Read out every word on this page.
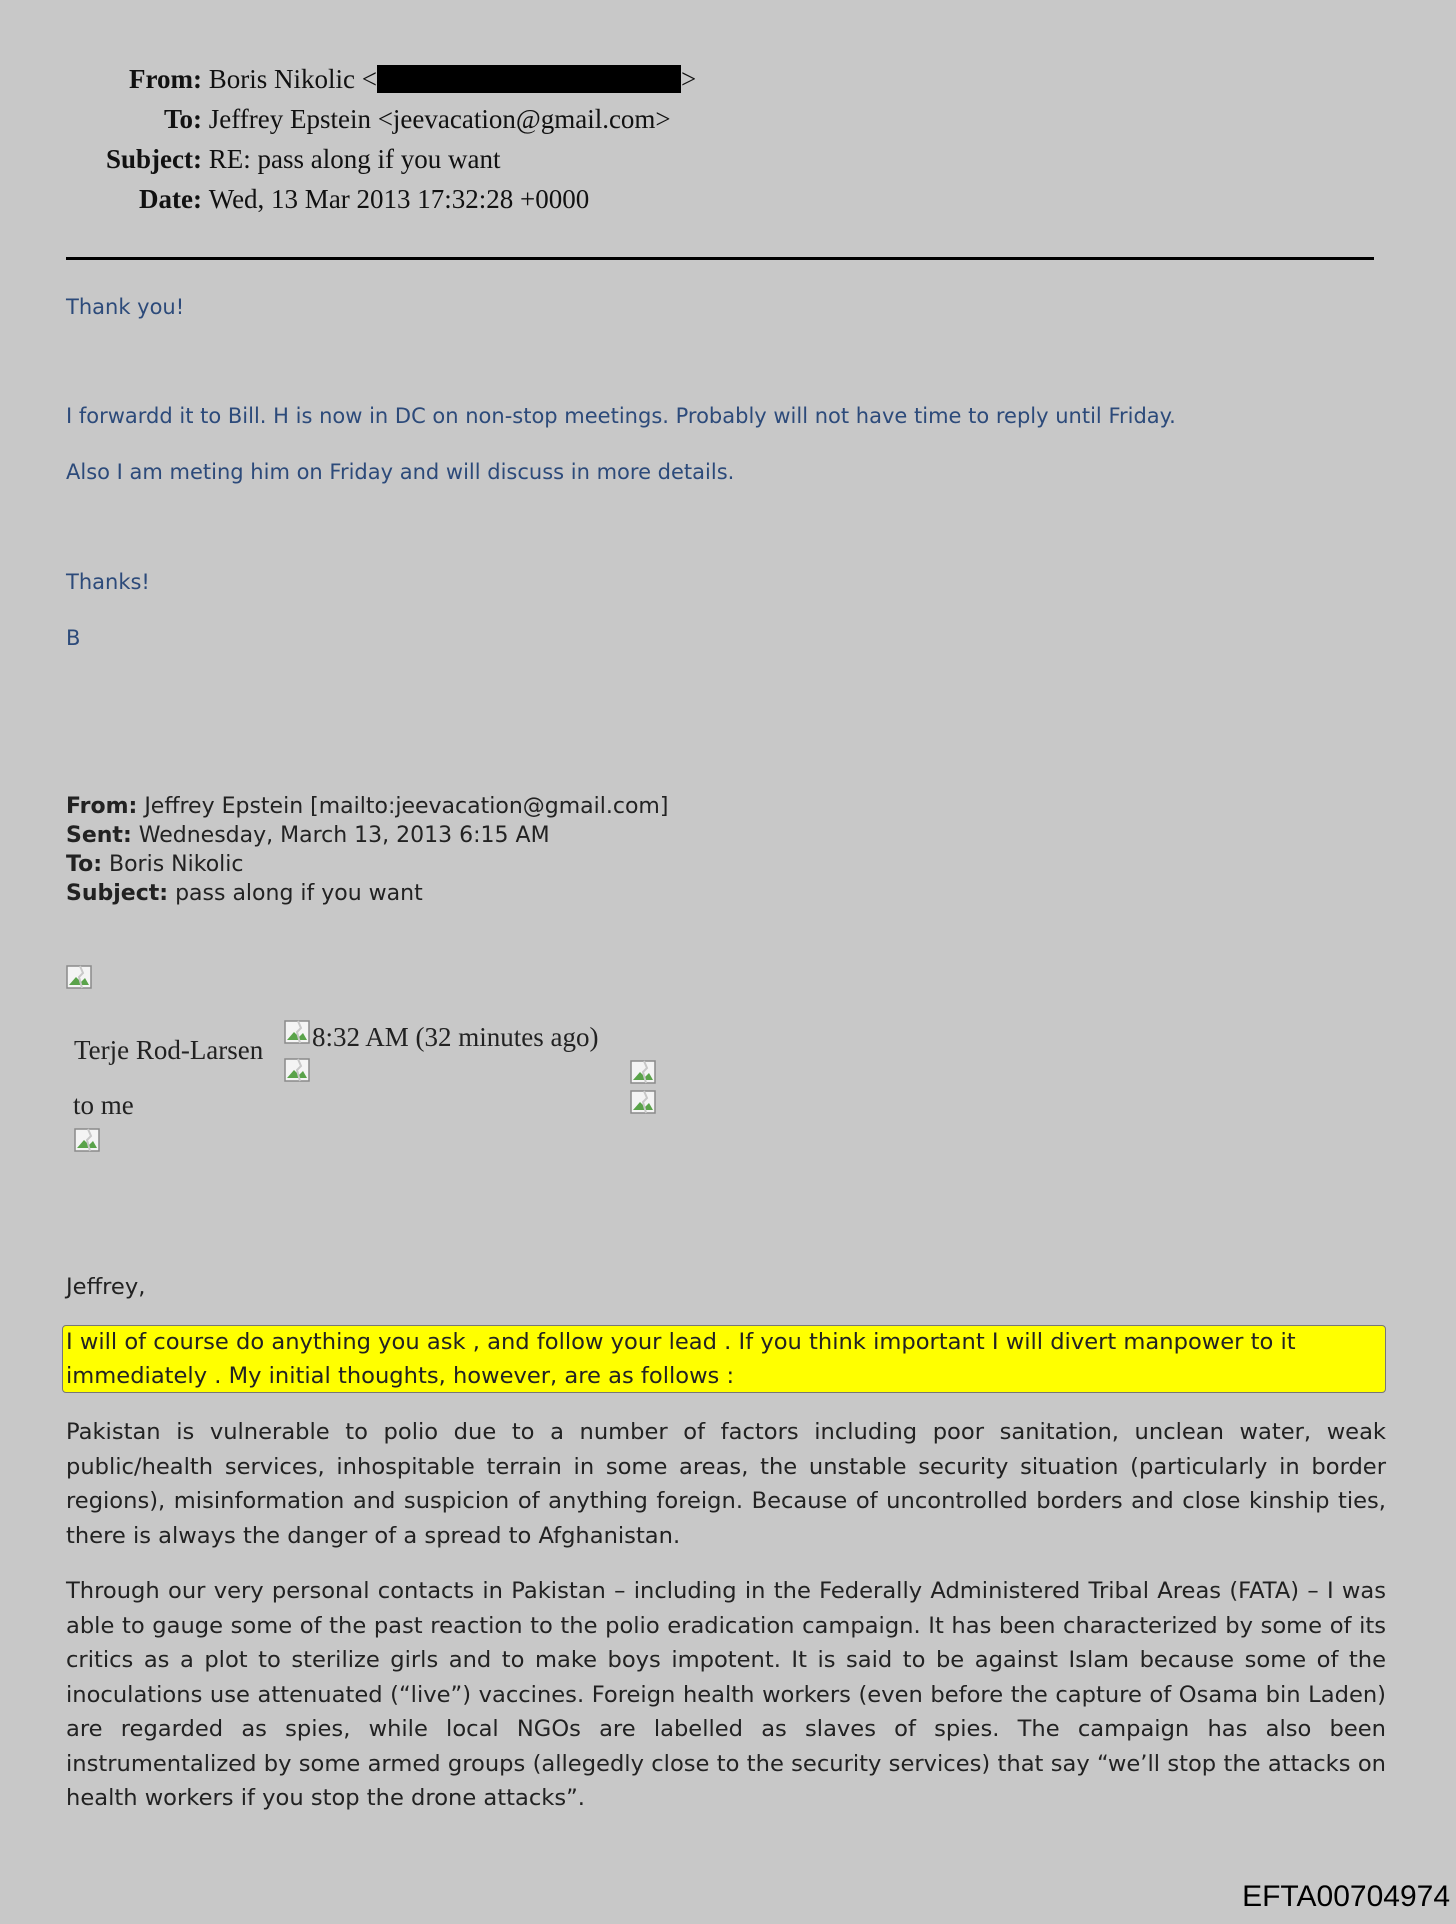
From: Boris Nikolic <	>
To: Jeffrey Epstein <jeevacation@gmail.com>
Subject: RE: pass along if you want
Date: Wed, 13 Mar 2013 17:32:28 +0000
Thank you!
I forwardd it to Bill. H is now in DC on non-stop meetings. Probably will not have time to reply until Friday.
Also I am meting him on Friday and will discuss in more details.
Thanks!
B
From: Jeffrey Epstein [mailto:jeevacation@gmail.com]
Sent: Wednesday, March 13, 2013 6:15 AM
To: Boris Nikolic
Subject: pass along if you want
Terje Rod-Larsen 8:32 AM (32 minutes ago)
to me
Jeffrey,
I will of course do anything you ask , and follow your lead . If you think important I will divert manpower to it
immediately . My initial thoughts, however, are as follows :
Pakistan is vulnerable to polio due to a number of factors including poor sanitation, unclean water, weak public/health services, inhospitable terrain in some areas, the unstable security situation (particularly in border regions), misinformation and suspicion of anything foreign. Because of uncontrolled borders and close kinship ties, there is always the danger of a spread to Afghanistan.
Through our very personal contacts in Pakistan – including in the Federally Administered Tribal Areas (FATA) – I was able to gauge some of the past reaction to the polio eradication campaign. It has been characterized by some of its critics as a plot to sterilize girls and to make boys impotent. It is said to be against Islam because some of the inoculations use attenuated (“live”) vaccines. Foreign health workers (even before the capture of Osama bin Laden) are regarded as spies, while local NGOs are labelled as slaves of spies. The campaign has also been instrumentalized by some armed groups (allegedly close to the security services) that say “we’ll stop the attacks on health workers if you stop the drone attacks”.
EFTA00704974
